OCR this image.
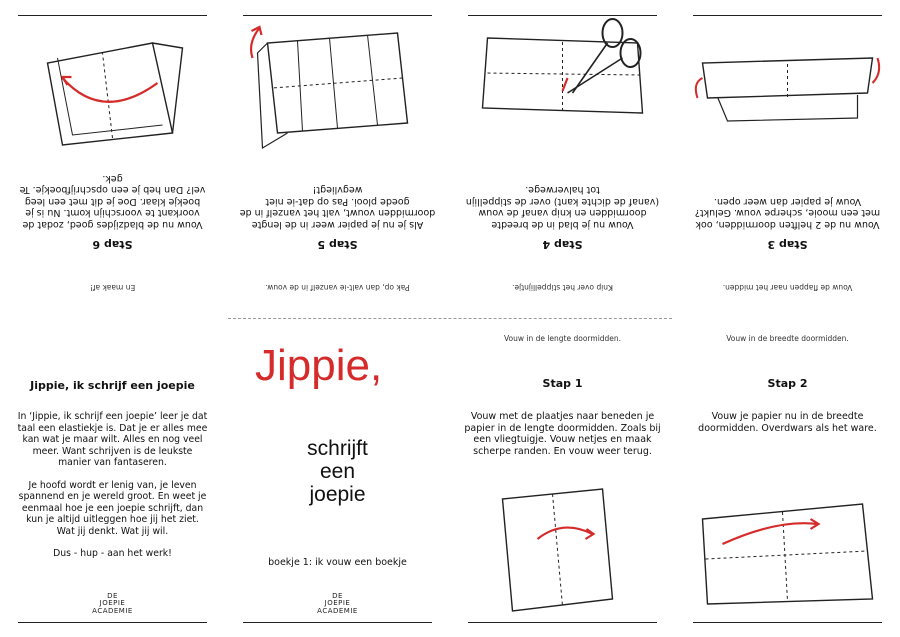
En maak af!
Stap 6
Vouw nu de bladzijdes goed, zodat de voorkant te voorschijn komt. Nu is je boekje klaar. Doe je dit met een leeg vel? Dan heb je een opschrijfboekje. Te gek.
Pak op, dan valt-ie vanzelf in de vouw.
Stap 5
Als je nu je papier weer in de lengte doormidden vouwt, valt het vanzelf in de goede plooi. Pas op dat-ie niet wegvliegt!
Knip over het stippellijntje.
Stap 4
Vouw nu je blad in de breedte doormidden en knip vanaf de vouw (vanaf de dichte kant) over de stippellijn tot halverwege.
Vouw de flappen naar het midden.
Stap 3
Vouw nu de 2 helften doormidden, ook met een mooie, scherpe vouw. Gelukt? Vouw je papier dan weer open.
Jippie, ik schrijf een joepie

In ‘Jippie, ik schrijf een joepie’ leer je dat taal een elastiekje is. Dat je er alles mee kan wat je maar wilt. Alles en nog veel meer. Want schrijven is de leukste manier van fantaseren.

Je hoofd wordt er lenig van, je leven spannend en je wereld groot. En weet je eenmaal hoe je een joepie schrijft, dan kun je altijd uitleggen hoe jij het ziet. Wat jij denkt. Wat jij wil.

Dus - hup - aan het werk!

DE
JOEPIE
ACADEMIE
Jippie,
schrijft
een
joepie
boekje 1: ik vouw een boekje
DE
JOEPIE
ACADEMIE
Vouw in de lengte doormidden.
Stap 1
Vouw met de plaatjes naar beneden je papier in de lengte doormidden. Zoals bij een vliegtuigje. Vouw netjes en maak scherpe randen. En vouw weer terug.
Vouw in de breedte doormidden.
Stap 2
Vouw je papier nu in de breedte doormidden. Overdwars als het ware.
